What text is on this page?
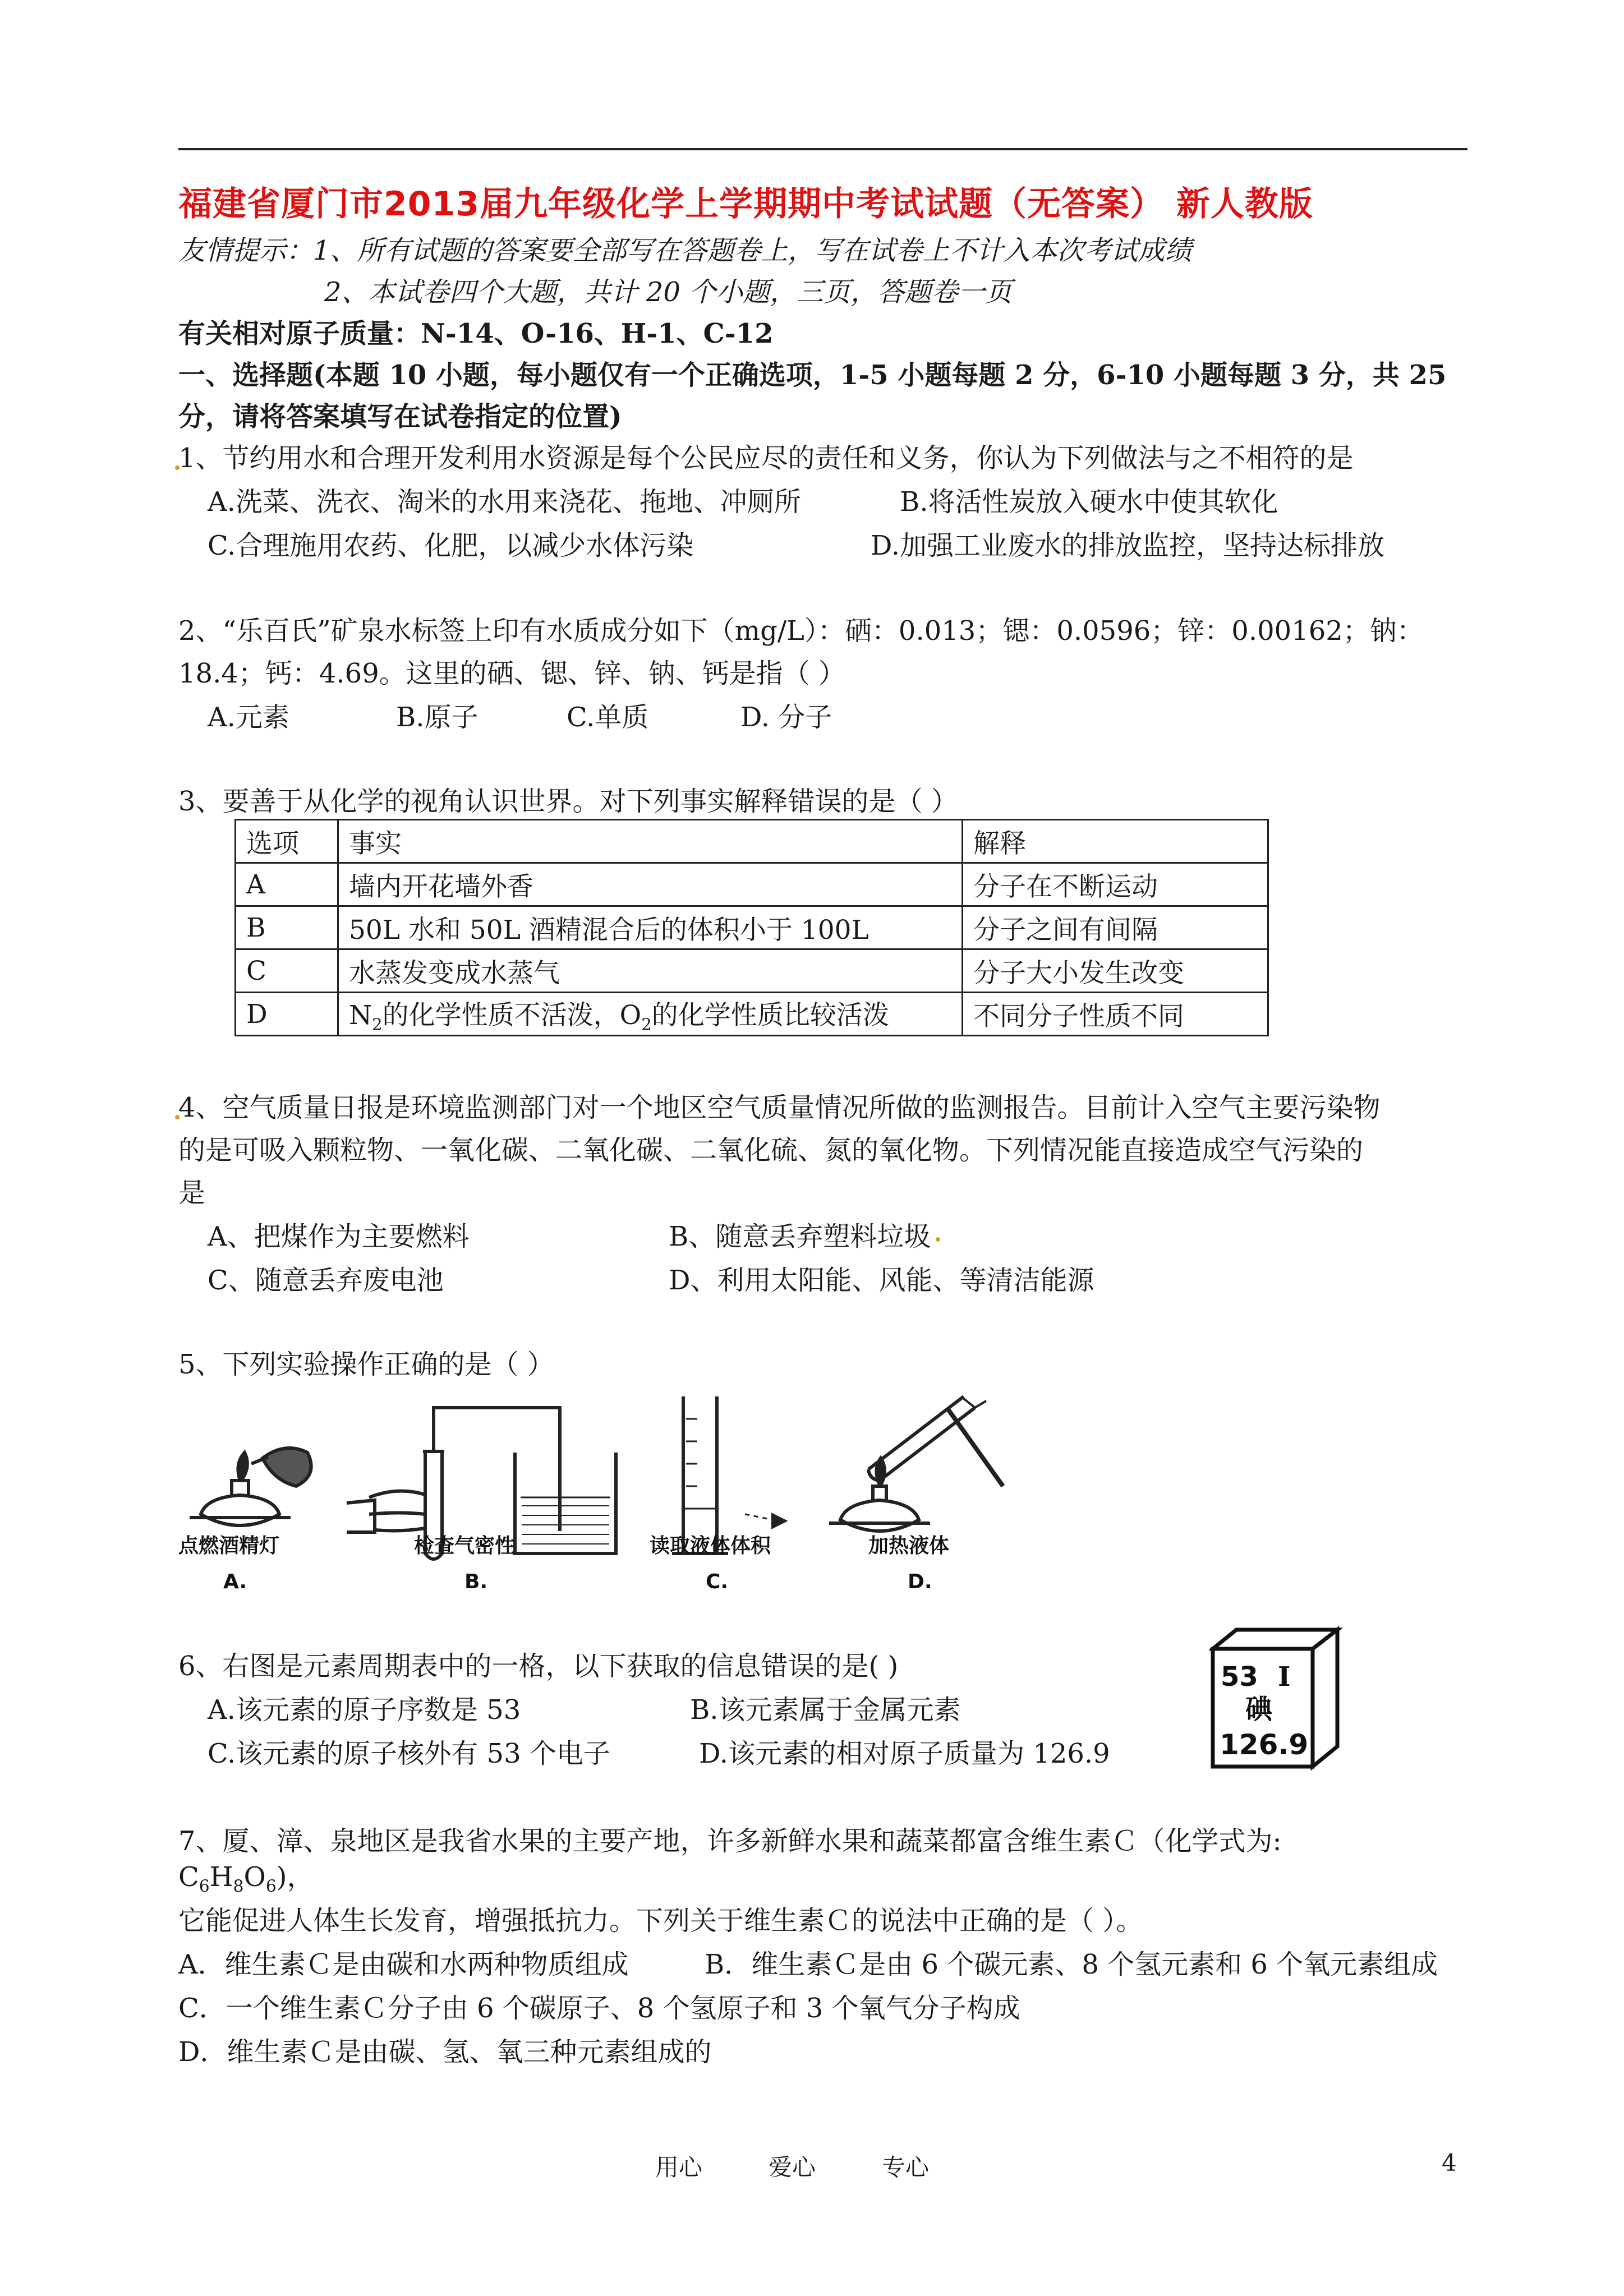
福建省厦门市2013届九年级化学上学期期中考试试题（无答案） 新人教版
友情提示：1、所有试题的答案要全部写在答题卷上，写在试卷上不计入本次考试成绩
2、本试卷四个大题，共计 20 个小题，三页，答题卷一页
有关相对原子质量：N-14、O-16、H-1、C-12
一、选择题(本题 10 小题，每小题仅有一个正确选项，1-5 小题每题 2 分，6-10 小题每题 3 分，共 25
分，请将答案填写在试卷指定的位置)
1、节约用水和合理开发利用水资源是每个公民应尽的责任和义务，你认为下列做法与之不相符的是
A.洗菜、洗衣、淘米的水用来浇花、拖地、冲厕所	B.将活性炭放入硬水中使其软化
C.合理施用农药、化肥，以减少水体污染	D.加强工业废水的排放监控，坚持达标排放
2、“乐百氏”矿泉水标签上印有水质成分如下（mg/L）：硒：0.013；锶：0.0596；锌：0.00162；钠：
18.4；钙：4.69。这里的硒、锶、锌、钠、钙是指（ ）
A.元素	B.原子	C.单质	D. 分子
3、要善于从化学的视角认识世界。对下列事实解释错误的是（ ）
选项	事实	解释
A	墙内开花墙外香	分子在不断运动
B	50L 水和 50L 酒精混合后的体积小于 100L	分子之间有间隔
C	水蒸发变成水蒸气	分子大小发生改变
D	$N_2$的化学性质不活泼，$O_2$的化学性质比较活泼	不同分子性质不同
4、空气质量日报是环境监测部门对一个地区空气质量情况所做的监测报告。目前计入空气主要污染物
的是可吸入颗粒物、一氧化碳、二氧化碳、二氧化硫、氮的氧化物。下列情况能直接造成空气污染的
是
A、把煤作为主要燃料	B、随意丢弃塑料垃圾
C、随意丢弃废电池	D、利用太阳能、风能、等清洁能源
5、下列实验操作正确的是（ ）
点燃酒精灯
A.
检查气密性
B.
读取液体体积
C.
加热液体
D.
6、右图是元素周期表中的一格，以下获取的信息错误的是( )
A.该元素的原子序数是 53	B.该元素属于金属元素
C.该元素的原子核外有 53 个电子	D.该元素的相对原子质量为 126.9
53 I
碘
126.9
7、厦、漳、泉地区是我省水果的主要产地，许多新鲜水果和蔬菜都富含维生素Ｃ（化学式为:
$C_6H_8O_6$)，
它能促进人体生长发育，增强抵抗力。下列关于维生素Ｃ的说法中正确的是（ ）。
A．维生素Ｃ是由碳和水两种物质组成	B．维生素Ｃ是由 6 个碳元素、8 个氢元素和 6 个氧元素组成
C．一个维生素Ｃ分子由 6 个碳原子、8 个氢原子和 3 个氧气分子构成
D．维生素Ｃ是由碳、氢、氧三种元素组成的
用心	爱心	专心	4
